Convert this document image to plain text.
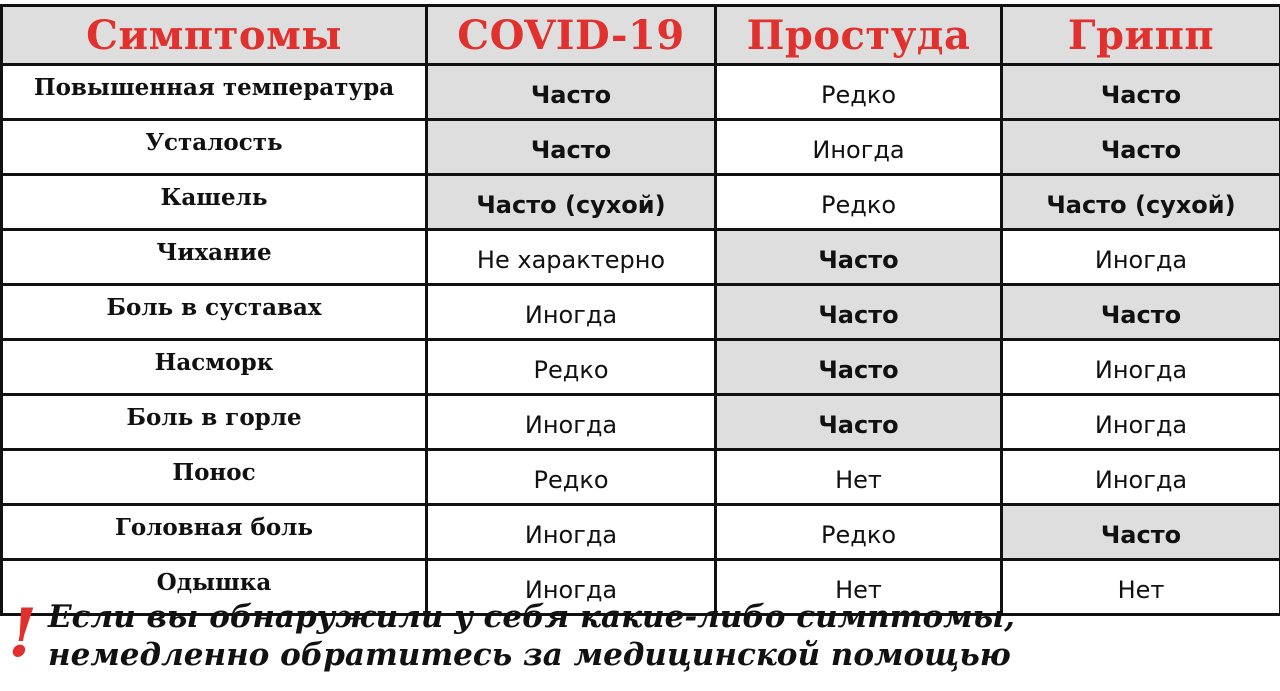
Симптомы	COVID-19	Простуда	Грипп
Повышенная температура	Часто	Редко	Часто
Усталость	Часто	Иногда	Часто
Кашель	Часто (сухой)	Редко	Часто (сухой)
Чихание	Не характерно	Часто	Иногда
Боль в суставах	Иногда	Часто	Часто
Насморк	Редко	Часто	Иногда
Боль в горле	Иногда	Часто	Иногда
Понос	Редко	Нет	Иногда
Головная боль	Иногда	Редко	Часто
Одышка	Иногда	Нет	Нет
! Если вы обнаружили у себя какие-либо симптомы,
немедленно обратитесь за медицинской помощью
